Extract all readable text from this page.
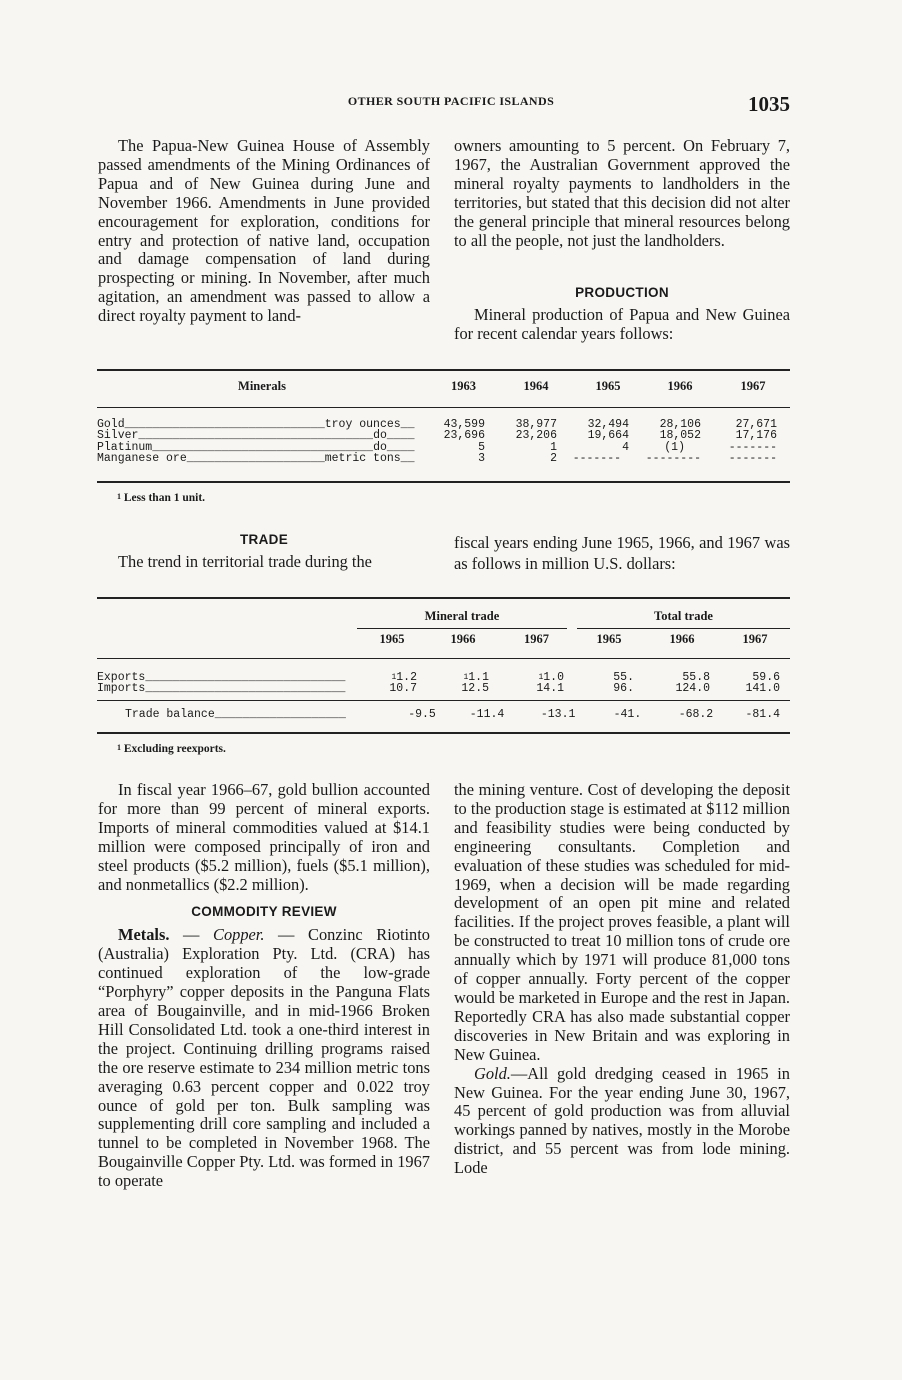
OTHER SOUTH PACIFIC ISLANDS	1035

The Papua-New Guinea House of Assembly passed amendments of the Mining Ordinances of Papua and of New Guinea during June and November 1966. Amendments in June provided encouragement for exploration, conditions for entry and protection of native land, occupation and damage compensation of land during prospecting or mining. In November, after much agitation, an amendment was passed to allow a direct royalty payment to land-

owners amounting to 5 percent. On February 7, 1967, the Australian Government approved the mineral royalty payments to landholders in the territories, but stated that this decision did not alter the general principle that mineral resources belong to all the people, not just the landholders.

PRODUCTION

Mineral production of Papua and New Guinea for recent calendar years follows:

Minerals	1963	1964	1965	1966	1967
Gold_____________________________troy ounces__	43,599	38,977	32,494	28,106	27,671
Silver__________________________________do____	23,696	23,206	19,664	18,052	17,176
Platinum________________________________do____	5	1	4	(1)	-------
Manganese ore____________________metric tons__	3	2	-------	--------	-------
$^1$ Less than 1 unit.
TRADE

The trend in territorial trade during the

fiscal years ending June 1965, 1966, and 1967 was as follows in million U.S. dollars:

Mineral trade	Total trade
	1965	1966	1967	1965	1966	1967
Exports_____________________________	$^1$1.2	$^1$1.1	$^1$1.0	55.	55.8	59.6
Imports_____________________________	10.7	12.5	14.1	96.	124.0	141.0
Trade balance___________________	-9.5	-11.4	-13.1	-41.	-68.2	-81.4
$^1$ Excluding reexports.

In fiscal year 1966–67, gold bullion accounted for more than 99 percent of mineral exports. Imports of mineral commodities valued at $14.1 million were composed principally of iron and steel products ($5.2 million), fuels ($5.1 million), and nonmetallics ($2.2 million).

COMMODITY REVIEW

Metals. — Copper. — Conzinc Riotinto (Australia) Exploration Pty. Ltd. (CRA) has continued exploration of the low-grade “Porphyry” copper deposits in the Panguna Flats area of Bougainville, and in mid-1966 Broken Hill Consolidated Ltd. took a one-third interest in the project. Continuing drilling programs raised the ore reserve estimate to 234 million metric tons averaging 0.63 percent copper and 0.022 troy ounce of gold per ton. Bulk sampling was supplementing drill core sampling and included a tunnel to be completed in November 1968. The Bougainville Copper Pty. Ltd. was formed in 1967 to operate

the mining venture. Cost of developing the deposit to the production stage is estimated at $112 million and feasibility studies were being conducted by engineering consultants. Completion and evaluation of these studies was scheduled for mid-1969, when a decision will be made regarding development of an open pit mine and related facilities. If the project proves feasible, a plant will be constructed to treat 10 million tons of crude ore annually which by 1971 will produce 81,000 tons of copper annually. Forty percent of the copper would be marketed in Europe and the rest in Japan. Reportedly CRA has also made substantial copper discoveries in New Britain and was exploring in New Guinea.

Gold.—All gold dredging ceased in 1965 in New Guinea. For the year ending June 30, 1967, 45 percent of gold production was from alluvial workings panned by natives, mostly in the Morobe district, and 55 percent was from lode mining. Lode
